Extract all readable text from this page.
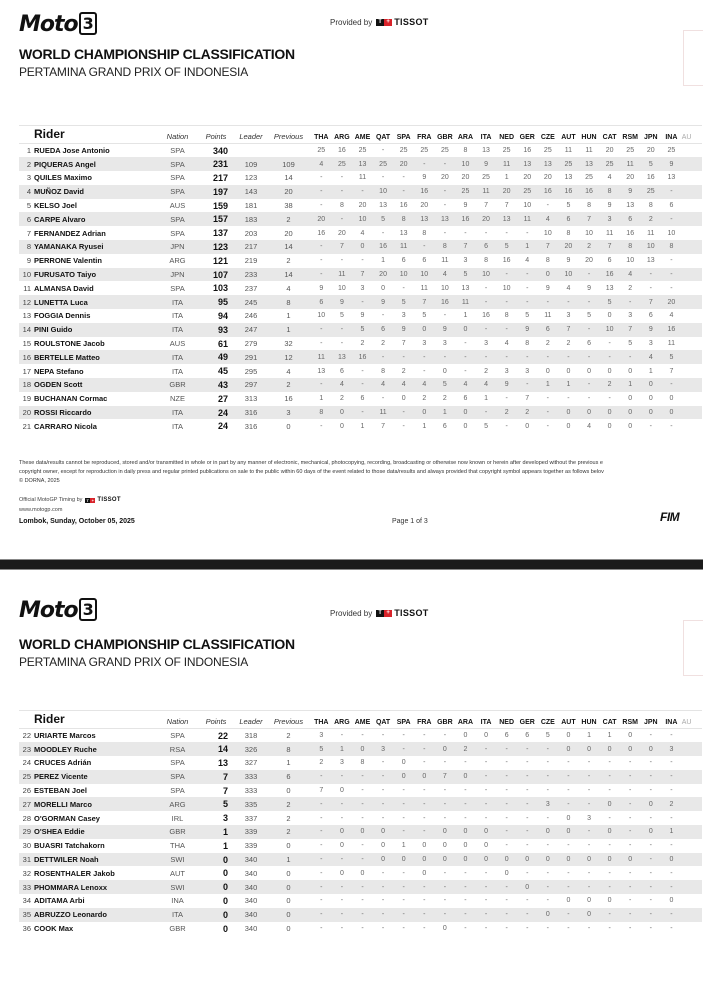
Moto 3	Provided by	T + TISSOT
WORLD CHAMPIONSHIP CLASSIFICATION
PERTAMINA GRAND PRIX OF INDONESIA
Rider		Nation	Points	Leader	Previous	THA	ARG	AME	QAT	SPA	FRA	GBR	ARA	ITA	NED	GER	CZE	AUT	HUN	CAT	RSM	JPN	INA	AU
1	RUEDA Jose Antonio	SPA	340			25	16	25	-	25	25	25	8	13	25	16	25	11	11	20	25	20	25	
2	PIQUERAS Angel	SPA	231	109	109	4	25	13	25	20	-	-	10	9	11	13	13	25	13	25	11	5	9	
3	QUILES Maximo	SPA	217	123	14	-	-	11	-	-	9	20	20	25	1	20	20	13	25	4	20	16	13	
4	MUÑOZ David	SPA	197	143	20	-	-	-	10	-	16	-	25	11	20	25	16	16	16	8	9	25	-	
5	KELSO Joel	AUS	159	181	38	-	8	20	13	16	20	-	9	7	7	10	-	5	8	9	13	8	6	
6	CARPE Alvaro	SPA	157	183	2	20	-	10	5	8	13	13	16	20	13	11	4	6	7	3	6	2	-	
7	FERNANDEZ Adrian	SPA	137	203	20	16	20	4	-	13	8	-	-	-	-	-	10	8	10	11	16	11	10	
8	YAMANAKA Ryusei	JPN	123	217	14	-	7	0	16	11	-	8	7	6	5	1	7	20	2	7	8	10	8	
9	PERRONE Valentin	ARG	121	219	2	-	-	-	1	6	6	11	3	8	16	4	8	9	20	6	10	13	-	
10	FURUSATO Taiyo	JPN	107	233	14	-	11	7	20	10	10	4	5	10	-	-	0	10	-	16	4	-	-	
11	ALMANSA David	SPA	103	237	4	9	10	3	0	-	11	10	13	-	10	-	9	4	9	13	2	-	-	
12	LUNETTA Luca	ITA	95	245	8	6	9	-	9	5	7	16	11	-	-	-	-	-	-	5	-	7	20	
13	FOGGIA Dennis	ITA	94	246	1	10	5	9	-	3	5	-	1	16	8	5	11	3	5	0	3	6	4	
14	PINI Guido	ITA	93	247	1	-	-	5	6	9	0	9	0	-	-	9	6	7	-	10	7	9	16	
15	ROULSTONE Jacob	AUS	61	279	32	-	-	2	2	7	3	3	-	3	4	8	2	2	6	-	5	3	11	
16	BERTELLE Matteo	ITA	49	291	12	11	13	16	-	-	-	-	-	-	-	-	-	-	-	-	-	4	5	
17	NEPA Stefano	ITA	45	295	4	13	6	-	8	2	-	0	-	2	3	3	0	0	0	0	0	1	7	
18	OGDEN Scott	GBR	43	297	2	-	4	-	4	4	4	5	4	4	9	-	1	1	-	2	1	0	-	
19	BUCHANAN Cormac	NZE	27	313	16	1	2	6	-	0	2	2	6	1	-	7	-	-	-	-	0	0	0	
20	ROSSI Riccardo	ITA	24	316	3	8	0	-	11	-	0	1	0	-	2	2	-	0	0	0	0	0	0	
21	CARRARO Nicola	ITA	24	316	0	-	0	1	7	-	1	6	0	5	-	0	-	0	4	0	0	-	-	
These data/results cannot be reproduced, stored and/or transmitted in whole or in part by any manner of electronic, mechanical, photocopying, recording, broadcasting or otherwise now known or herein after developed without the previous e
copyright owner, except for reproduction in daily press and regular printed publications on sale to the public within 60 days of the event related to those data/results and always provided that copyright symbol appears together as follows belov
© DORNA, 2025
Official MotoGP Timing by T + TISSOT
www.motogp.com
Lombok, Sunday, October 05, 2025	Page 1 of 3	FIM
Moto 3	Provided by	T + TISSOT
WORLD CHAMPIONSHIP CLASSIFICATION
PERTAMINA GRAND PRIX OF INDONESIA
Rider		Nation	Points	Leader	Previous	THA	ARG	AME	QAT	SPA	FRA	GBR	ARA	ITA	NED	GER	CZE	AUT	HUN	CAT	RSM	JPN	INA	AU
22	URIARTE Marcos	SPA	22	318	2	3	-	-	-	-	-	-	0	0	6	6	5	0	1	1	0	-	-	
23	MOODLEY Ruche	RSA	14	326	8	5	1	0	3	-	-	0	2	-	-	-	-	0	0	0	0	0	3	
24	CRUCES Adrián	SPA	13	327	1	2	3	8	-	0	-	-	-	-	-	-	-	-	-	-	-	-	-	
25	PEREZ Vicente	SPA	7	333	6	-	-	-	-	0	0	7	0	-	-	-	-	-	-	-	-	-	-	
26	ESTEBAN Joel	SPA	7	333	0	7	0	-	-	-	-	-	-	-	-	-	-	-	-	-	-	-	-	
27	MORELLI Marco	ARG	5	335	2	-	-	-	-	-	-	-	-	-	-	-	3	-	-	0	-	0	2	
28	O'GORMAN Casey	IRL	3	337	2	-	-	-	-	-	-	-	-	-	-	-	-	0	3	-	-	-	-	
29	O'SHEA Eddie	GBR	1	339	2	-	0	0	0	-	-	0	0	0	-	-	0	0	-	0	-	0	1	
30	BUASRI Tatchakorn	THA	1	339	0	-	0	-	0	1	0	0	0	0	-	-	-	-	-	-	-	-	-	
31	DETTWILER Noah	SWI	0	340	1	-	-	-	0	0	0	0	0	0	0	0	0	0	0	0	0	-	0	
32	ROSENTHALER Jakob	AUT	0	340	0	-	0	0	-	-	0	-	-	-	0	-	-	-	-	-	-	-	-	
33	PHOMMARA Lenoxx	SWI	0	340	0	-	-	-	-	-	-	-	-	-	-	0	-	-	-	-	-	-	-	
34	ADITAMA Arbi	INA	0	340	0	-	-	-	-	-	-	-	-	-	-	-	-	0	0	0	-	-	0	
35	ABRUZZO Leonardo	ITA	0	340	0	-	-	-	-	-	-	-	-	-	-	-	0	-	0	-	-	-	-	
36	COOK Max	GBR	0	340	0	-	-	-	-	-	-	0	-	-	-	-	-	-	-	-	-	-	-	
